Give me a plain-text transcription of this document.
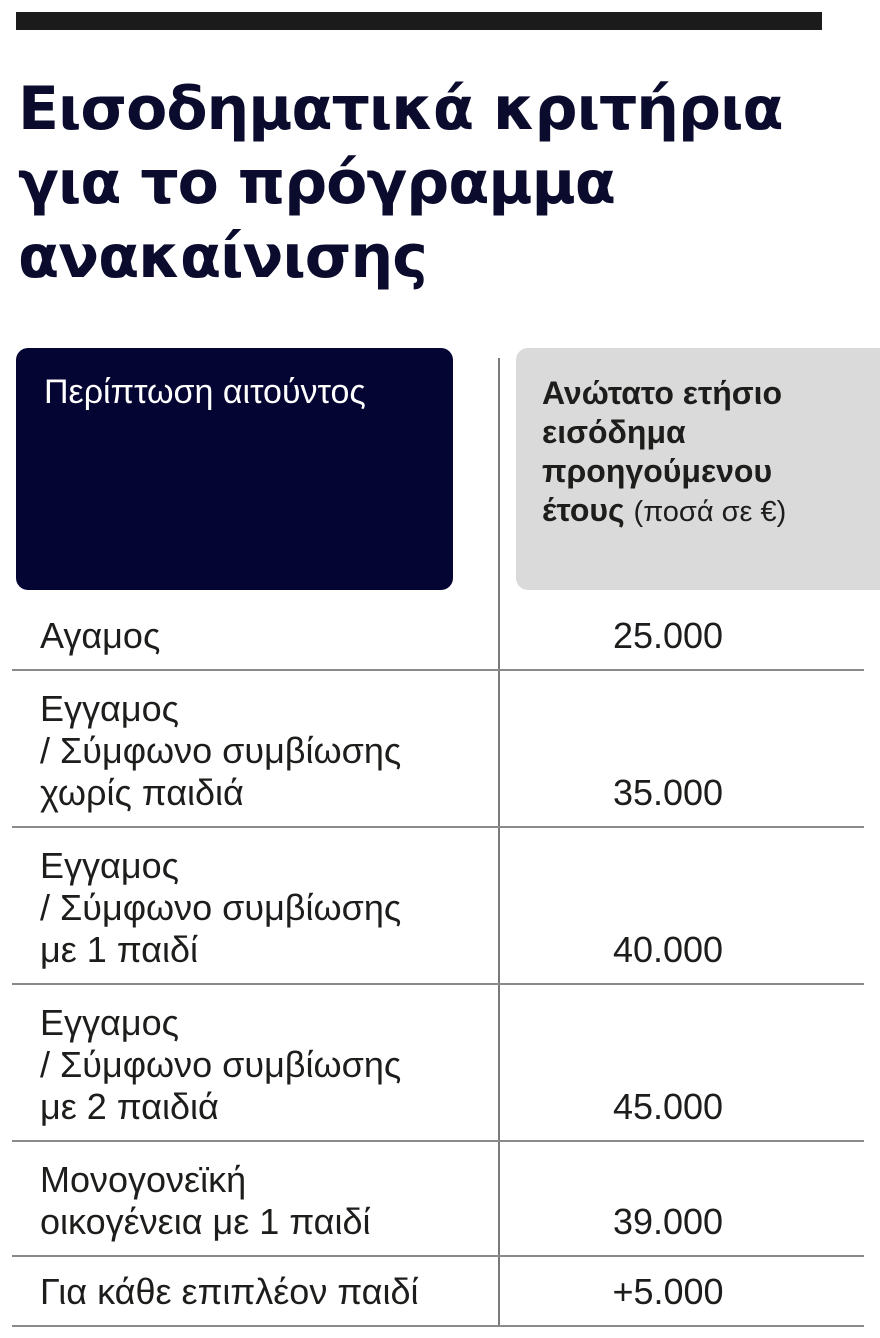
Εισοδηματικά κριτήρια
για το πρόγραμμα
ανακαίνισης
Περίπτωση αιτούντος	Ανώτατο ετήσιο
εισόδημα
προηγούμενου
έτους (ποσά σε €)
Αγαμος	25.000
Εγγαμος
/ Σύμφωνο συμβίωσης
χωρίς παιδιά	35.000
Εγγαμος
/ Σύμφωνο συμβίωσης
με 1 παιδί	40.000
Εγγαμος
/ Σύμφωνο συμβίωσης
με 2 παιδιά	45.000
Μονογονεϊκή
οικογένεια με 1 παιδί	39.000
Για κάθε επιπλέον παιδί	+5.000
